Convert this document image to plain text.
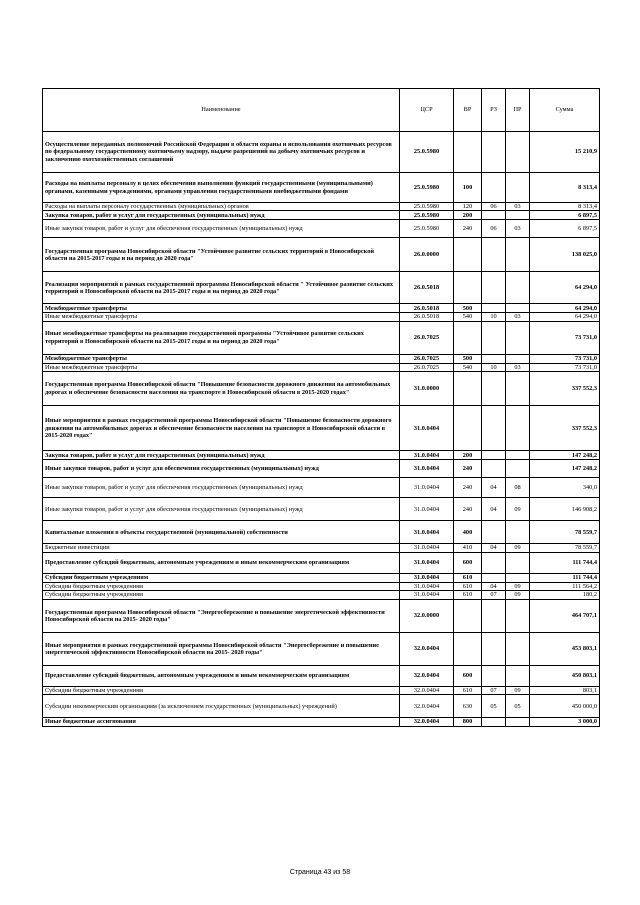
Наименование	ЦСР	ВР	РЗ	ПР	Сумма
Осуществление переданных полномочий Российской Федерации в области охраны и использования охотничьих ресурсов по федеральному государственному охотничьему надзору, выдаче разрешений на добычу охотничьих ресурсов и заключению охотхозяйственных соглашений	25.0.5980				15 210,9
Расходы на выплаты персоналу в целях обеспечения выполнения функций государственными (муниципальными) органами, казенными учреждениями, органами управления государственными внебюджетными фондами	25.0.5980	100			8 313,4
Расходы на выплаты персоналу государственных (муниципальных) органов	25.0.5980	120	06	03	8 313,4
Закупка товаров, работ и услуг для государственных (муниципальных) нужд	25.0.5980	200			6 897,5
Иные закупки товаров, работ и услуг для обеспечения государственных (муниципальных) нужд	25.0.5980	240	06	03	6 897,5
Государственная программа Новосибирской области "Устойчивое развитие сельских территорий в Новосибирской области на 2015-2017 годы и на период до 2020 года"	26.0.0000				138 025,0
Реализация мероприятий в рамках государственной программы Новосибирской области " Устойчивое развитие сельских территорий в Новосибирской области на 2015-2017 годы и на период до 2020 года"	26.0.5018				64 294,0
Межбюджетные трансферты	26.0.5018	500			64 294,0
Иные межбюджетные трансферты	26.0.5018	540	10	03	64 294,0
Иные межбюджетные трансферты на реализацию государственной программы "Устойчивое развитие сельских территорий в Новосибирской области на 2015-2017 годы и на период до 2020 года"	26.0.7025				73 731,0
Межбюджетные трансферты	26.0.7025	500			73 731,0
Иные межбюджетные трансферты	26.0.7025	540	10	03	73 731,0
Государственная программа Новосибирской области "Повышение безопасности дорожного движения на автомобильных дорогах и обеспечение безопасности населения на транспорте в Новосибирской области в 2015-2020 годах"	31.0.0000				337 552,3
Иные мероприятия в рамках государственной программы Новосибирской области "Повышение безопасности дорожного движения на автомобильных дорогах и обеспечение безопасности населения на транспорте в Новосибирской области в 2015-2020 годах"	31.0.0404				337 552,3
Закупка товаров, работ и услуг для государственных (муниципальных) нужд	31.0.0404	200			147 248,2
Иные закупки товаров, работ и услуг для обеспечения государственных (муниципальных) нужд	31.0.0404	240			147 248,2
Иные закупки товаров, работ и услуг для обеспечения государственных (муниципальных) нужд	31.0.0404	240	04	08	340,0
Иные закупки товаров, работ и услуг для обеспечения государственных (муниципальных) нужд	31.0.0404	240	04	09	146 908,2
Капитальные вложения в объекты государственной (муниципальной) собственности	31.0.0404	400			78 559,7
Бюджетные инвестиции	31.0.0404	410	04	09	78 559,7
Предоставление субсидий бюджетным, автономным учреждениям и иным некоммерческим организациям	31.0.0404	600			111 744,4
Субсидии бюджетным учреждениям	31.0.0404	610			111 744,4
Субсидии бюджетным учреждениям	31.0.0404	610	04	09	111 564,2
Субсидии бюджетным учреждениям	31.0.0404	610	07	09	180,2
Государственная программа Новосибирской области "Энергосбережение и повышение энергетической эффективности Новосибирской области на 2015- 2020 годы"	32.0.0000				464 707,1
Иные мероприятия в рамках государственной программы Новосибирской области "Энергосбережение и повышение энергетической эффективности Новосибирской области на 2015- 2020 годы"	32.0.0404				453 803,1
Предоставление субсидий бюджетным, автономным учреждениям и иным некоммерческим организациям	32.0.0404	600			450 803,1
Субсидии бюджетным учреждениям	32.0.0404	610	07	09	803,1
Субсидии некоммерческим организациям (за исключением государственных (муниципальных) учреждений)	32.0.0404	630	05	05	450 000,0
Иные бюджетные ассигнования	32.0.0404	800			3 000,0
Страница 43 из 58
